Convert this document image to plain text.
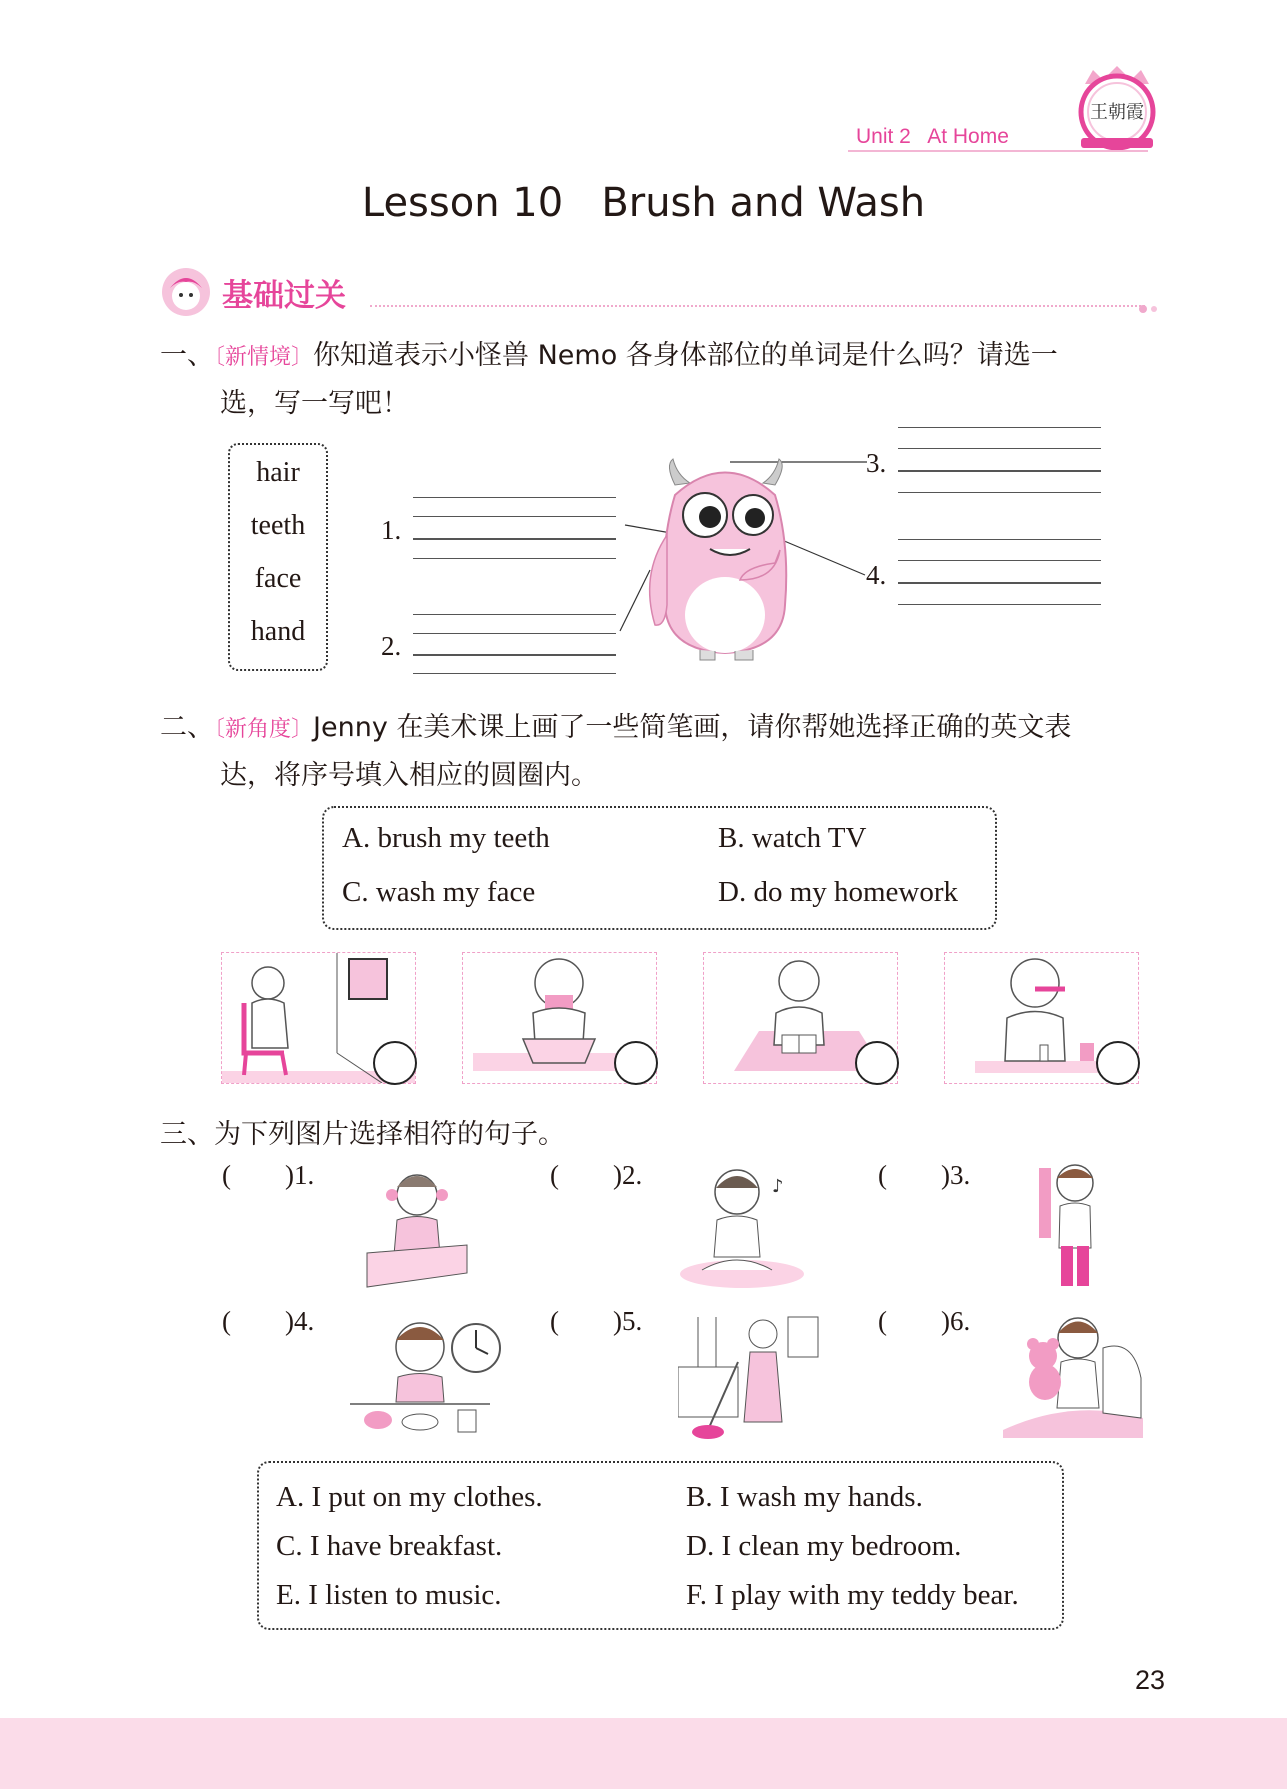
王朝霞
Unit 2   At Home
Lesson 10   Brush and Wash
基础过关
一、〔新情境〕你知道表示小怪兽 Nemo 各身体部位的单词是什么吗？请选一
选，写一写吧！
hair
teeth
face
hand
1.
2.
3.
4.
二、〔新角度〕Jenny 在美术课上画了一些简笔画，请你帮她选择正确的英文表
达，将序号填入相应的圆圈内。
A. brush my teeth	B. watch TV
C. wash my face	D. do my homework
三、为下列图片选择相符的句子。
(        )1.	(        )2.	(        )3.
(        )4.	(        )5.	(        )6.
♪
A. I put on my clothes.	B. I wash my hands.
C. I have breakfast.	D. I clean my bedroom.
E. I listen to music.	F. I play with my teddy bear.
23
